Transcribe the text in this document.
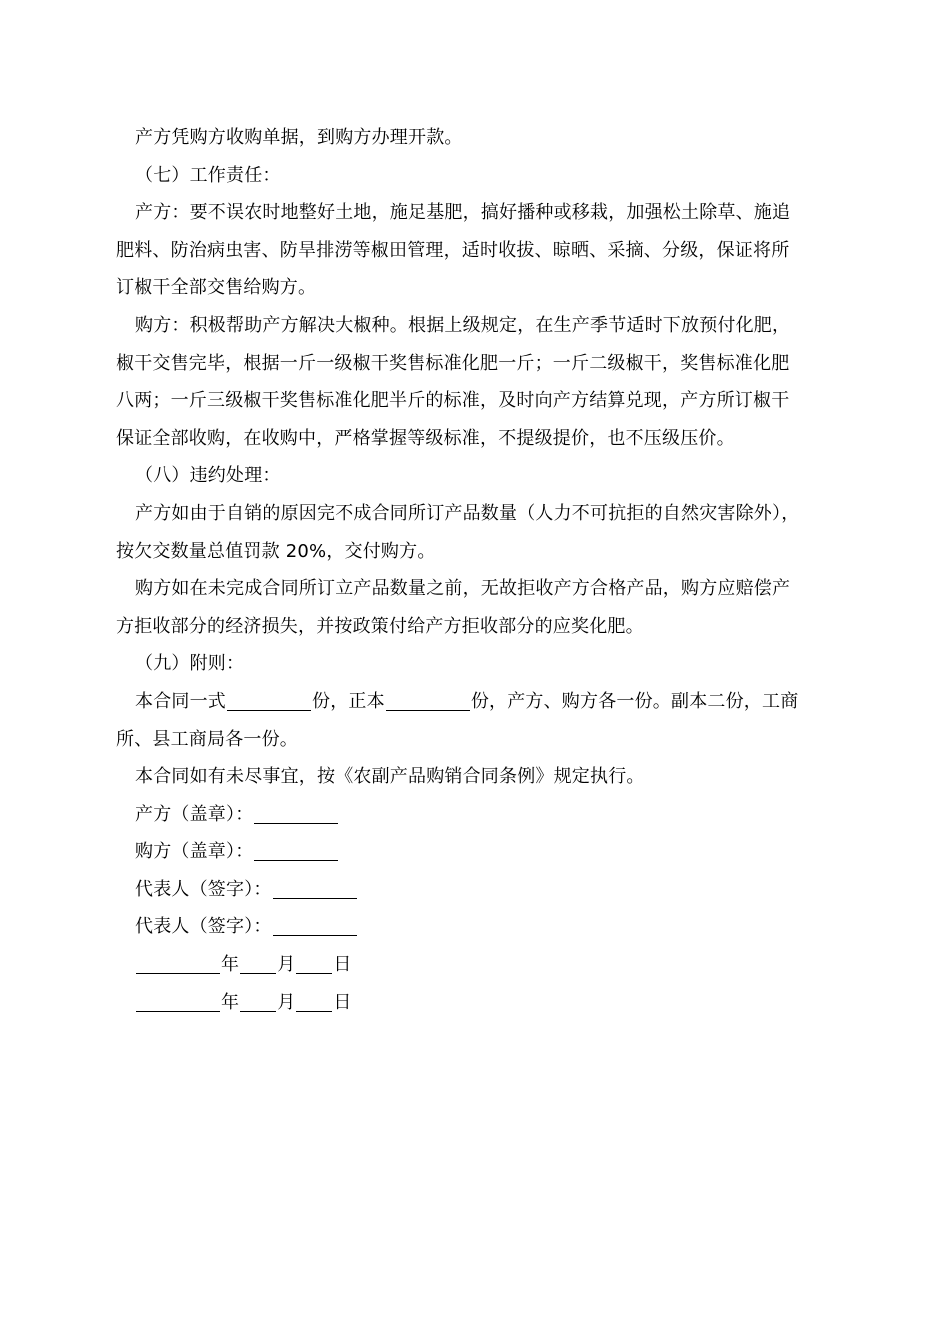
产方凭购方收购单据，到购方办理开款。
（七）工作责任：
产方：要不误农时地整好土地，施足基肥，搞好播种或移栽，加强松土除草、施追
肥料、防治病虫害、防旱排涝等椒田管理，适时收拔、晾晒、采摘、分级，保证将所
订椒干全部交售给购方。
购方：积极帮助产方解决大椒种。根据上级规定，在生产季节适时下放预付化肥，
椒干交售完毕，根据一斤一级椒干奖售标准化肥一斤；一斤二级椒干，奖售标准化肥
八两；一斤三级椒干奖售标准化肥半斤的标准，及时向产方结算兑现，产方所订椒干
保证全部收购，在收购中，严格掌握等级标准，不提级提价，也不压级压价。
（八）违约处理：
产方如由于自销的原因完不成合同所订产品数量（人力不可抗拒的自然灾害除外），
按欠交数量总值罚款 20%，交付购方。
购方如在未完成合同所订立产品数量之前，无故拒收产方合格产品，购方应赔偿产
方拒收部分的经济损失，并按政策付给产方拒收部分的应奖化肥。
（九）附则：
本合同一式	份，正本	份，产方、购方各一份。副本二份，工商
所、县工商局各一份。
本合同如有未尽事宜，按《农副产品购销合同条例》规定执行。
产方（盖章）：
购方（盖章）：
代表人（签字）：
代表人（签字）：
年 月 日
年 月 日
